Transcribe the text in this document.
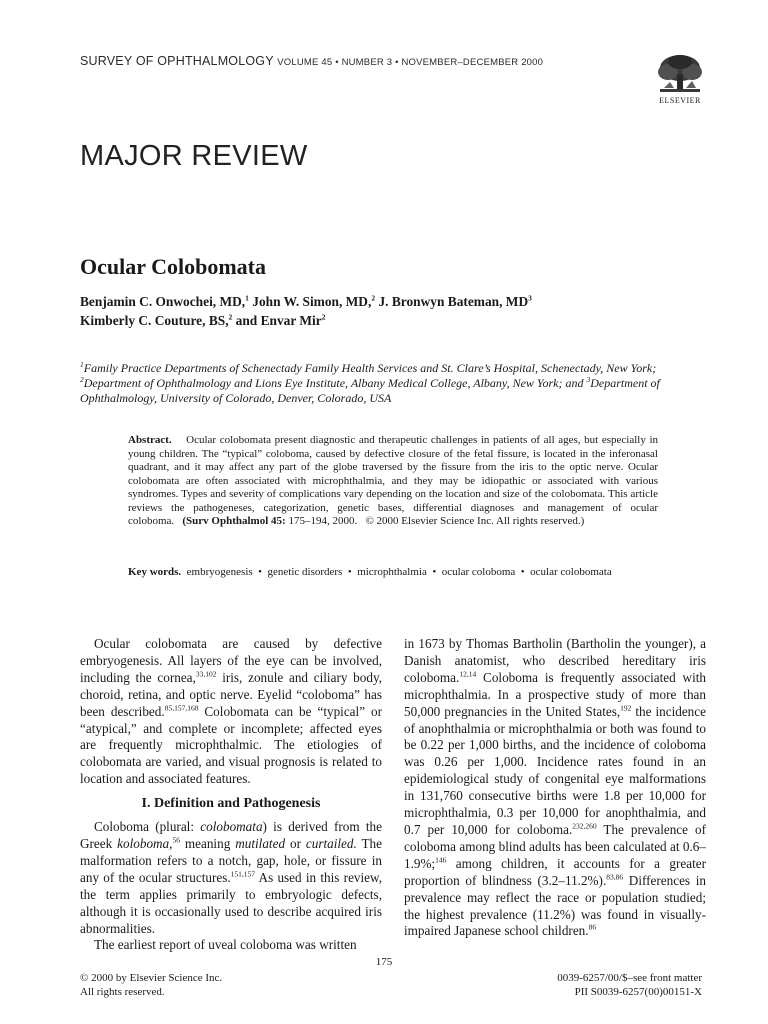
SURVEY OF OPHTHALMOLOGY VOLUME 45 • NUMBER 3 • NOVEMBER–DECEMBER 2000
ELSEVIER
MAJOR REVIEW
Ocular Colobomata
Benjamin C. Onwochei, MD,$^1$ John W. Simon, MD,$^2$ J. Bronwyn Bateman, $MD^3$
Kimberly C. Couture, BS,$^2$ and Envar Mir$^2$
$^1$Family Practice Departments of Schenectady Family Health Services and St. Clare’s Hospital, Schenectady, New York;
$^2$Department of Ophthalmology and Lions Eye Institute, Albany Medical College, Albany, New York; and $^3$Department of Ophthalmology, University of Colorado, Denver, Colorado, USA
Abstract. Ocular colobomata present diagnostic and therapeutic challenges in patients of all ages, but especially in young children. The “typical” coloboma, caused by defective closure of the fetal fissure, is located in the inferonasal quadrant, and it may affect any part of the globe traversed by the fissure from the iris to the optic nerve. Ocular colobomata are often associated with microphthalmia, and they may be idiopathic or associated with various syndromes. Types and severity of complications vary depending on the location and size of the colobomata. This article reviews the pathogeneses, categorization, genetic bases, differential diagnoses and management of ocular coloboma. (Surv Ophthalmol 45: 175–194, 2000. © 2000 Elsevier Science Inc. All rights reserved.)
Key words. embryogenesis  •  genetic disorders  •  microphthalmia  •  ocular coloboma  •  ocular colobomata

Ocular colobomata are caused by defective embryogenesis. All layers of the eye can be involved, including the cornea,$^{33,102}$ iris, zonule and ciliary body, choroid, retina, and optic nerve. Eyelid “coloboma” has been described.$^{85,157,168}$ Colobomata can be “typical” or “atypical,” and complete or incomplete; affected eyes are frequently microphthalmic. The etiologies of colobomata are varied, and visual prognosis is related to location and associated features.

I. Definition and Pathogenesis

Coloboma (plural: colobomata) is derived from the Greek koloboma,$^{56}$ meaning mutilated or curtailed. The malformation refers to a notch, gap, hole, or fissure in any of the ocular structures.$^{151,157}$ As used in this review, the term applies primarily to embryologic defects, although it is occasionally used to describe acquired iris abnormalities.

The earliest report of uveal coloboma was written

in 1673 by Thomas Bartholin (Bartholin the younger), a Danish anatomist, who described hereditary iris coloboma.$^{12,14}$ Coloboma is frequently associated with microphthalmia. In a prospective study of more than 50,000 pregnancies in the United States,$^{192}$ the incidence of anophthalmia or microphthalmia or both was found to be 0.22 per 1,000 births, and the incidence of coloboma was 0.26 per 1,000. Incidence rates found in an epidemiological study of congenital eye malformations in 131,760 consecutive births were 1.8 per 10,000 for microphthalmia, 0.3 per 10,000 for anophthalmia, and 0.7 per 10,000 for coloboma.$^{232,260}$ The prevalence of coloboma among blind adults has been calculated at 0.6–1.9%;$^{146}$ among children, it accounts for a greater proportion of blindness (3.2–11.2%).$^{83,86}$ Differences in prevalence may reflect the race or population studied; the highest prevalence (11.2%) was found in visually-impaired Japanese school children.$^{86}$

175
© 2000 by Elsevier Science Inc.
All rights reserved.
0039-6257/00/$–see front matter
PII S0039-6257(00)00151-X
